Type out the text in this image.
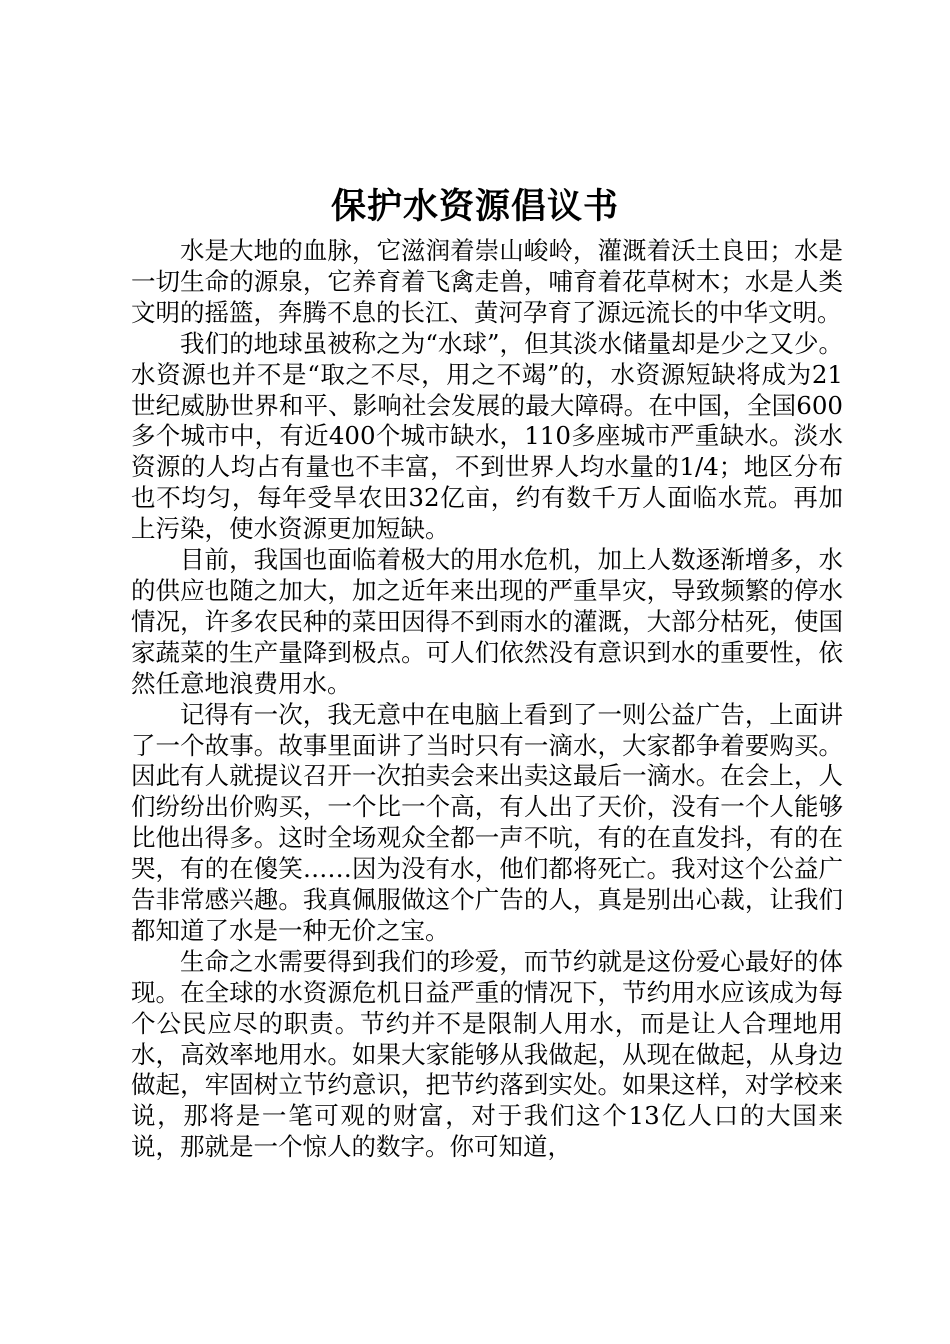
保护水资源倡议书

水是大地的血脉，它滋润着崇山峻岭，灌溉着沃土良田；水是一切生命的源泉，它养育着飞禽走兽，哺育着花草树木；水是人类文明的摇篮，奔腾不息的长江、黄河孕育了源远流长的中华文明。

我们的地球虽被称之为“水球”，但其淡水储量却是少之又少。水资源也并不是“取之不尽，用之不竭”的，水资源短缺将成为21世纪威胁世界和平、影响社会发展的最大障碍。在中国，全国600多个城市中，有近400个城市缺水，110多座城市严重缺水。淡水资源的人均占有量也不丰富，不到世界人均水量的1/4；地区分布也不均匀，每年受旱农田32亿亩，约有数千万人面临水荒。再加上污染，使水资源更加短缺。

目前，我国也面临着极大的用水危机，加上人数逐渐增多，水的供应也随之加大，加之近年来出现的严重旱灾，导致频繁的停水情况，许多农民种的菜田因得不到雨水的灌溉，大部分枯死，使国家蔬菜的生产量降到极点。可人们依然没有意识到水的重要性，依然任意地浪费用水。

记得有一次，我无意中在电脑上看到了一则公益广告，上面讲了一个故事。故事里面讲了当时只有一滴水，大家都争着要购买。因此有人就提议召开一次拍卖会来出卖这最后一滴水。在会上，人们纷纷出价购买，一个比一个高，有人出了天价，没有一个人能够比他出得多。这时全场观众全都一声不吭，有的在直发抖，有的在哭，有的在傻笑……因为没有水，他们都将死亡。我对这个公益广告非常感兴趣。我真佩服做这个广告的人，真是别出心裁，让我们都知道了水是一种无价之宝。

生命之水需要得到我们的珍爱，而节约就是这份爱心最好的体现。在全球的水资源危机日益严重的情况下，节约用水应该成为每个公民应尽的职责。节约并不是限制人用水，而是让人合理地用水，高效率地用水。如果大家能够从我做起，从现在做起，从身边做起，牢固树立节约意识，把节约落到实处。如果这样，对学校来说，那将是一笔可观的财富，对于我们这个13亿人口的大国来说，那就是一个惊人的数字。你可知道，
